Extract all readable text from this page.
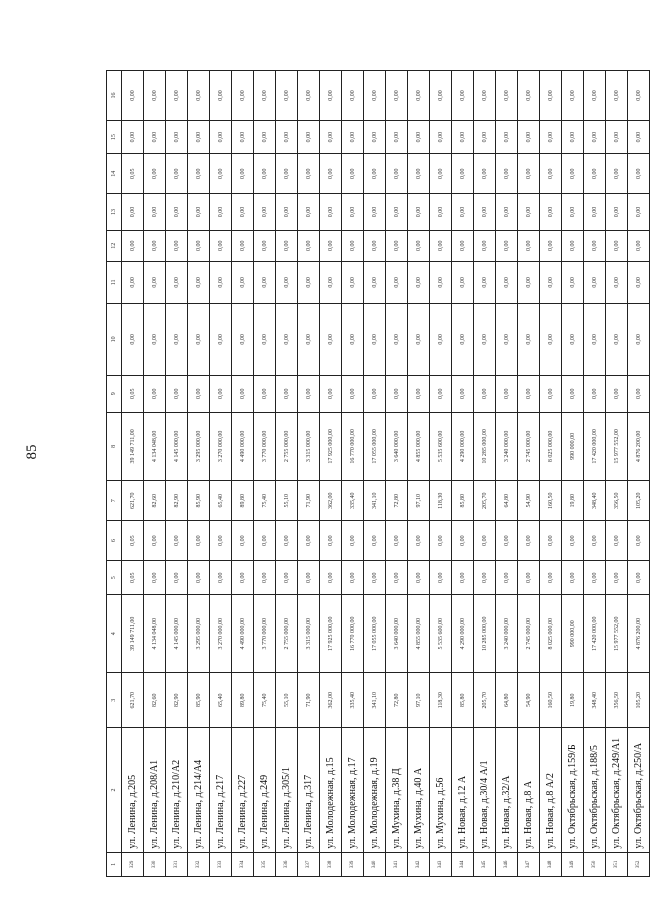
85
1	2	3	4	5	6	7	8	9	10	11	12	13	14	15	16
329	ул. Ленина, д.205	621,70	39 149 711,00	0,05	0,05	621,70	39 149 711,00	0,05	0,00	0,00	0,00	0,00	0,05	0,00	0,00
330	ул. Ленина, д.208/А1	82,60	4 134 048,00	0,00	0,00	82,60	4 134 048,00	0,00	0,00	0,00	0,00	0,00	0,00	0,00	0,00
331	ул. Ленина, д.210/А2	82,90	4 145 000,00	0,00	0,00	82,90	4 145 000,00	0,00	0,00	0,00	0,00	0,00	0,00	0,00	0,00
332	ул. Ленина, д.214/А4	85,90	3 295 000,00	0,00	0,00	85,90	3 295 000,00	0,00	0,00	0,00	0,00	0,00	0,00	0,00	0,00
333	ул. Ленина, д.217	65,40	3 270 000,00	0,00	0,00	65,40	3 270 000,00	0,00	0,00	0,00	0,00	0,00	0,00	0,00	0,00
334	ул. Ленина, д.227	89,80	4 490 000,00	0,00	0,00	89,80	4 490 000,00	0,00	0,00	0,00	0,00	0,00	0,00	0,00	0,00
335	ул. Ленина, д.249	75,40	3 770 000,00	0,00	0,00	75,40	3 770 000,00	0,00	0,00	0,00	0,00	0,00	0,00	0,00	0,00
336	ул. Ленина, д.305/1	55,10	2 755 000,00	0,00	0,00	55,10	2 755 000,00	0,00	0,00	0,00	0,00	0,00	0,00	0,00	0,00
337	ул. Ленина, д.317	71,90	3 315 000,00	0,00	0,00	71,90	3 315 000,00	0,00	0,00	0,00	0,00	0,00	0,00	0,00	0,00
338	ул. Молодежная, д.15	362,00	17 925 000,00	0,00	0,00	362,00	17 925 000,00	0,00	0,00	0,00	0,00	0,00	0,00	0,00	0,00
339	ул. Молодежная, д.17	335,40	16 770 000,00	0,00	0,00	335,40	16 770 000,00	0,00	0,00	0,00	0,00	0,00	0,00	0,00	0,00
340	ул. Молодежная, д.19	341,10	17 055 000,00	0,00	0,00	341,10	17 055 000,00	0,00	0,00	0,00	0,00	0,00	0,00	0,00	0,00
341	ул. Мухина, д.38 Д	72,80	3 640 000,00	0,00	0,00	72,80	3 640 000,00	0,00	0,00	0,00	0,00	0,00	0,00	0,00	0,00
342	ул. Мухина, д.40 А	97,10	4 855 000,00	0,00	0,00	97,10	4 855 000,00	0,00	0,00	0,00	0,00	0,00	0,00	0,00	0,00
343	ул. Мухина, д.56	118,30	5 535 600,00	0,00	0,00	118,30	5 535 600,00	0,00	0,00	0,00	0,00	0,00	0,00	0,00	0,00
344	ул. Новая, д.12 А	85,80	4 290 000,00	0,00	0,00	85,80	4 290 000,00	0,00	0,00	0,00	0,00	0,00	0,00	0,00	0,00
345	ул. Новая, д.30/4 А/1	205,70	10 285 000,00	0,00	0,00	205,70	10 285 000,00	0,00	0,00	0,00	0,00	0,00	0,00	0,00	0,00
346	ул. Новая, д.32/А	64,80	3 240 000,00	0,00	0,00	64,80	3 240 000,00	0,00	0,00	0,00	0,00	0,00	0,00	0,00	0,00
347	ул. Новая, д.8 А	54,90	2 745 000,00	0,00	0,00	54,90	2 745 000,00	0,00	0,00	0,00	0,00	0,00	0,00	0,00	0,00
348	ул. Новая, д.8 А/2	160,50	8 025 000,00	0,00	0,00	160,50	8 025 000,00	0,00	0,00	0,00	0,00	0,00	0,00	0,00	0,00
349	ул. Октябрьская, д.159/Б	19,80	990 000,00	0,00	0,00	19,80	990 000,00	0,00	0,00	0,00	0,00	0,00	0,00	0,00	0,00
350	ул. Октябрьская, д.188/5	348,40	17 420 000,00	0,00	0,00	348,40	17 420 000,00	0,00	0,00	0,00	0,00	0,00	0,00	0,00	0,00
351	ул. Октябрьская, д.249/А1	356,50	15 977 552,00	0,00	0,00	356,50	15 977 552,00	0,00	0,00	0,00	0,00	0,00	0,00	0,00	0,00
352	ул. Октябрьская, д.250/А	105,20	4 876 200,00	0,00	0,00	105,20	4 876 200,00	0,00	0,00	0,00	0,00	0,00	0,00	0,00	0,00
